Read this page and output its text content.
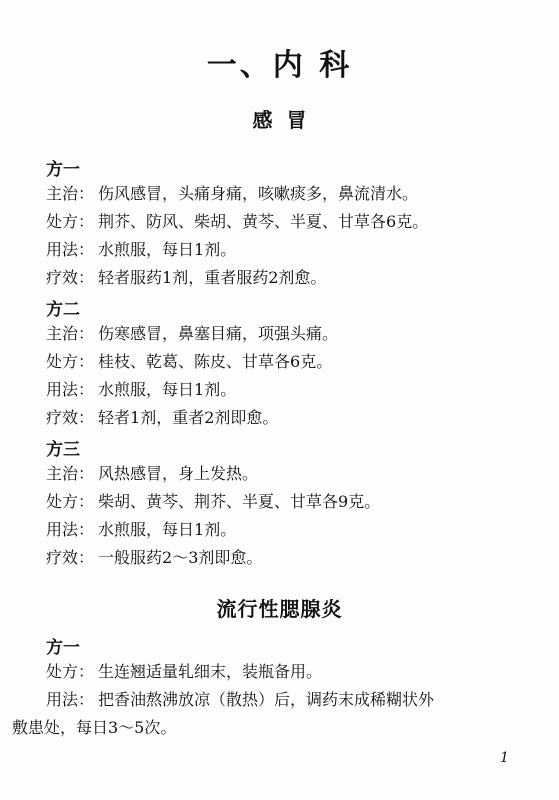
一、内 科
感冒
方一
主治： 伤风感冒，头痛身痛，咳嗽痰多，鼻流清水。
处方： 荆芥、防风、柴胡、黄芩、半夏、甘草各6克。
用法： 水煎服，每日1剂。
疗效： 轻者服药1剂，重者服药2剂愈。
方二
主治： 伤寒感冒，鼻塞目痛，项强头痛。
处方： 桂枝、乾葛、陈皮、甘草各6克。
用法： 水煎服，每日1剂。
疗效： 轻者1剂，重者2剂即愈。
方三
主治： 风热感冒，身上发热。
处方： 柴胡、黄芩、荆芥、半夏、甘草各9克。
用法： 水煎服，每日1剂。
疗效： 一般服药2～3剂即愈。
流行性腮腺炎
方一
处方： 生连翘适量轧细末，装瓶备用。
用法： 把香油熬沸放凉（散热）后，调药末成稀糊状外
敷患处，每日3～5次。
1
